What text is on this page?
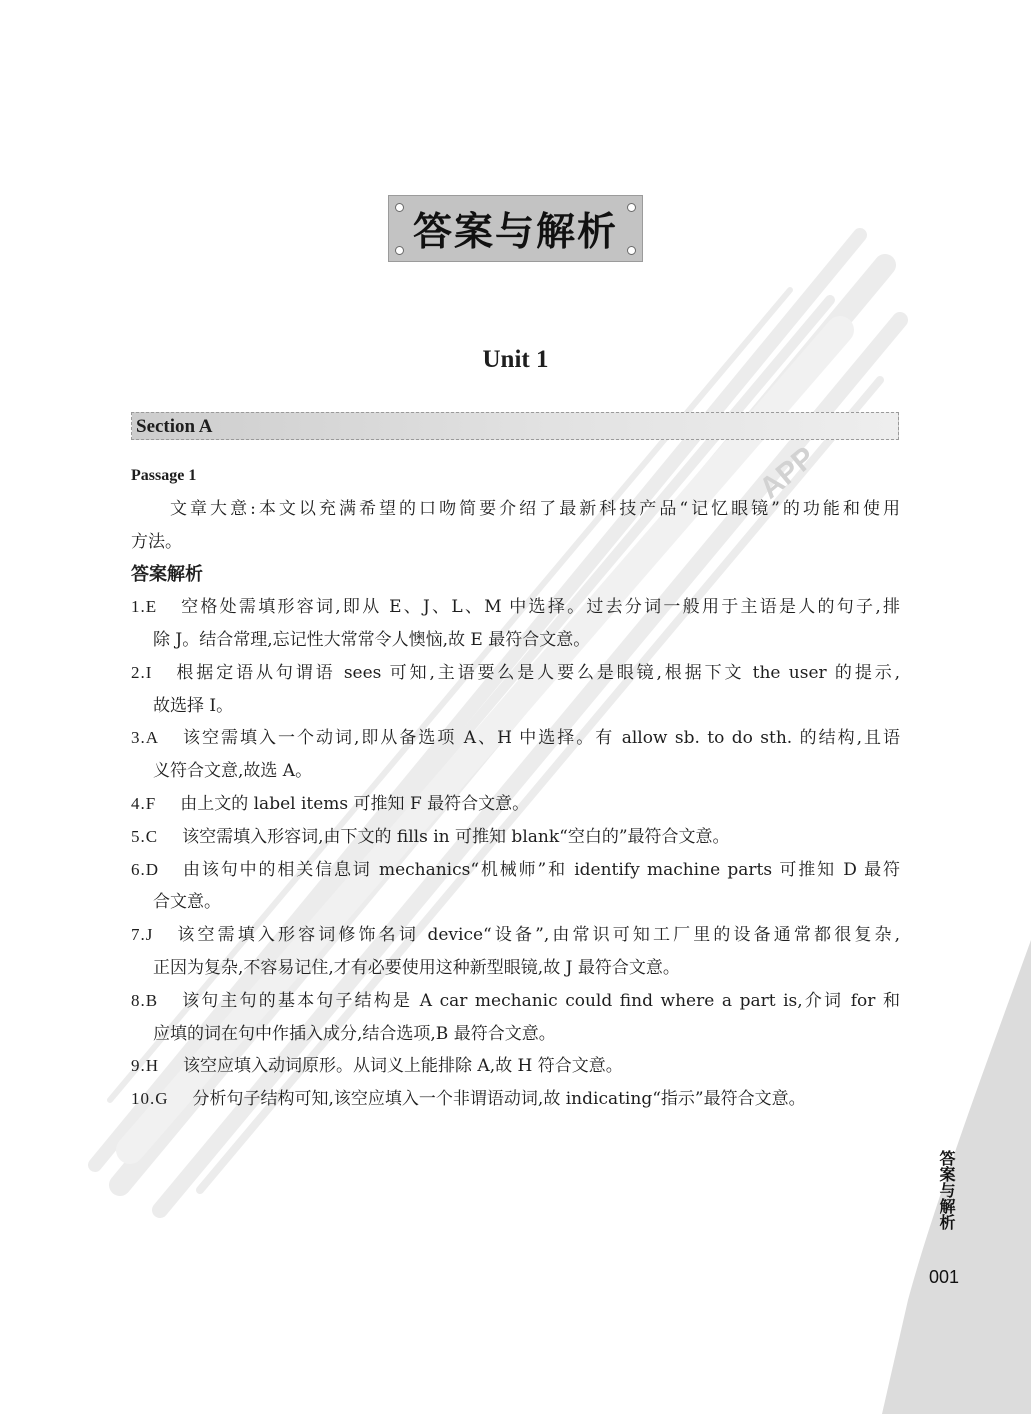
APP
答案与解析
Unit 1
Section A
Passage 1
文章大意:本文以充满希望的口吻简要介绍了最新科技产品“记忆眼镜”的功能和使用
方法。
答案解析
1.E 空格处需填形容词,即从 E、J、L、M 中选择。过去分词一般用于主语是人的句子,排
除 J。结合常理,忘记性大常常令人懊恼,故 E 最符合文意。
2.I 根据定语从句谓语 sees 可知,主语要么是人要么是眼镜,根据下文 the user 的提示,
故选择 I。
3.A 该空需填入一个动词,即从备选项 A、H 中选择。有 allow sb. to do sth. 的结构,且语
义符合文意,故选 A。
4.F 由上文的 label items 可推知 F 最符合文意。
5.C 该空需填入形容词,由下文的 fills in 可推知 blank“空白的”最符合文意。
6.D 由该句中的相关信息词 mechanics“机械师”和 identify machine parts 可推知 D 最符
合文意。
7.J 该空需填入形容词修饰名词 device“设备”,由常识可知工厂里的设备通常都很复杂,
正因为复杂,不容易记住,才有必要使用这种新型眼镜,故 J 最符合文意。
8.B 该句主句的基本句子结构是 A car mechanic could find where a part is,介词 for 和
应填的词在句中作插入成分,结合选项,B 最符合文意。
9.H 该空应填入动词原形。从词义上能排除 A,故 H 符合文意。
10.G 分析句子结构可知,该空应填入一个非谓语动词,故 indicating“指示”最符合文意。
答案与解析
001
